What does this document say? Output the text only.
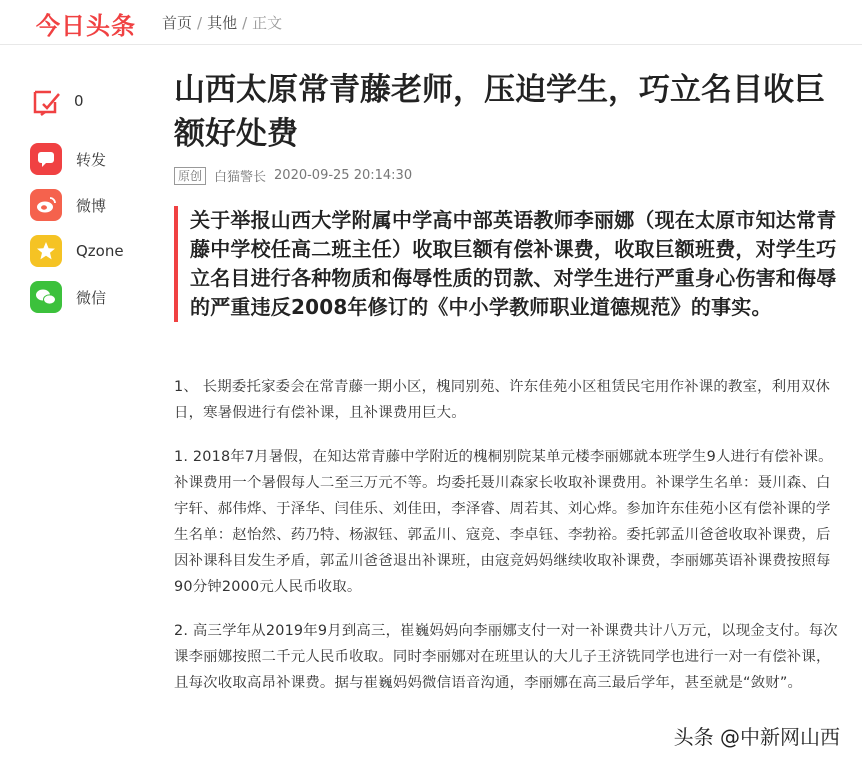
今日头条 首页 / 其他 / 正文
0
转发
微博
Qzone
微信
山西太原常青藤老师，压迫学生，巧立名目收巨额好处费
原创 白猫警长 2020-09-25 20:14:30
关于举报山西大学附属中学高中部英语教师李丽娜（现在太原市知达常青藤中学校任高二班主任）收取巨额有偿补课费，收取巨额班费，对学生巧立名目进行各种物质和侮辱性质的罚款、对学生进行严重身心伤害和侮辱的严重违反2008年修订的《中小学教师职业道德规范》的事实。

1、 长期委托家委会在常青藤一期小区，槐同别苑、许东佳苑小区租赁民宅用作补课的教室，利用双休日，寒暑假进行有偿补课，且补课费用巨大。

1. 2018年7月暑假，在知达常青藤中学附近的槐桐别院某单元楼李丽娜就本班学生9人进行有偿补课。补课费用一个暑假每人二至三万元不等。均委托聂川森家长收取补课费用。补课学生名单：聂川森、白宇轩、郝伟烨、于泽华、闫佳乐、刘佳田，李泽睿、周若其、刘心烨。参加许东佳苑小区有偿补课的学生名单：赵怡然、药乃特、杨淑钰、郭孟川、寇竞、李卓钰、李勃裕。委托郭孟川爸爸收取补课费，后因补课科目发生矛盾，郭孟川爸爸退出补课班，由寇竞妈妈继续收取补课费，李丽娜英语补课费按照每90分钟2000元人民币收取。

2. 高三学年从2019年9月到高三，崔巍妈妈向李丽娜支付一对一补课费共计八万元，以现金支付。每次课李丽娜按照二千元人民币收取。同时李丽娜对在班里认的大儿子王济铣同学也进行一对一有偿补课，且每次收取高昂补课费。据与崔巍妈妈微信语音沟通，李丽娜在高三最后学年，甚至就是“敛财”。

头条 @中新网山西
